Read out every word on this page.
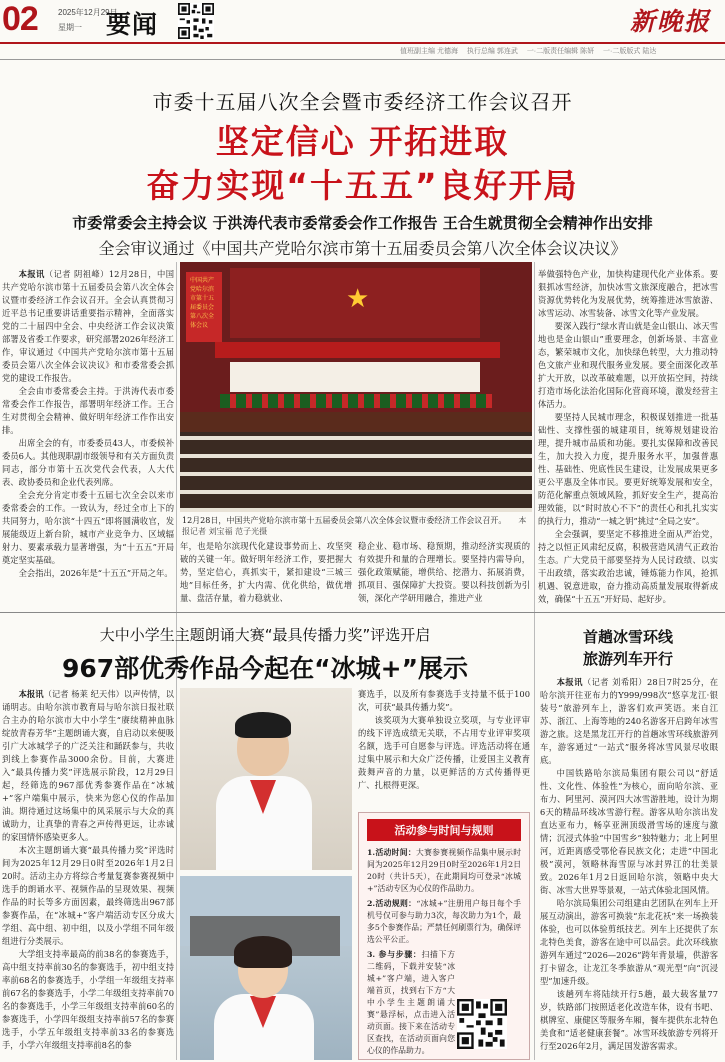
02	2025年12月29日
星期一 要闻	新晚报
值班副主编 尤德海 执行总编 郭连武 一·二版责任编辑 陈妍 一·二版版式 陆达
市委十五届八次全会暨市委经济工作会议召开
坚定信心 开拓进取
奋力实现“十五五”良好开局
市委常委会主持会议 于洪涛代表市委常委会作工作报告 王合生就贯彻全会精神作出安排
全会审议通过《中国共产党哈尔滨市第十五届委员会第八次全体会议决议》

本报讯（记者 阴祖峰）12月28日，中国共产党哈尔滨市第十五届委员会第八次全体会议暨市委经济工作会议召开。全会认真贯彻习近平总书记重要讲话重要指示精神，全面落实党的二十届四中全会、中央经济工作会议决策部署及省委工作要求，研究部署2026年经济工作，审议通过《中国共产党哈尔滨市第十五届委员会第八次全体会议决议》和市委常委会抓党的建设工作报告。

全会由市委常委会主持。于洪涛代表市委常委会作工作报告，部署明年经济工作。王合生对贯彻全会精神、做好明年经济工作作出安排。

出席全会的有，市委委员43人，市委候补委员6人。其他现职副市级领导和有关方面负责同志，部分市第十五次党代会代表，人大代表、政协委员和企业代表列席。

全会充分肯定市委十五届七次全会以来市委常委会的工作。一致认为，经过全市上下的共同努力，哈尔滨“十四五”即将圆满收官，发展能级迈上新台阶，城市产业竞争力、区域辐射力、要素承载力显著增强，为“十五五”开局奠定坚实基础。

全会指出，2026年是“十五五”开局之年。

中国共产党哈尔滨市第十五届委员会第八次全体会议
★
12月28日，中国共产党哈尔滨市第十五届委员会第八次全体会议暨市委经济工作会议召开。 本报记者 刘宝福 范子光摄

年，也是哈尔滨现代化建设事势而上、攻坚突破的关键一年。做好明年经济工作，要把握大势，坚定信心，真抓实干，紧扣建设“三城三地”目标任务，扩大内需、优化供给，做优增量、盘活存量，着力稳就业、

稳企业、稳市场、稳预期，推动经济实现质的有效提升和量的合理增长。要坚持内需导向，强化政策赋能，增供给、挖潜力、拓展消费，抓项目、强保障扩大投资。要以科技创新为引领，深化产学研用融合，推进产业

举做强特色产业，加快构建现代化产业体系。要狠抓冰雪经济，加快冰雪文旅深度融合，把冰雪资源优势转化为发展优势，统筹推进冰雪旅游、冰雪运动、冰雪装备、冰雪文化等产业发展。

要深入践行“绿水青山就是金山银山、冰天雪地也是金山银山”重要理念，创新场景、丰富业态，繁荣城市文化，加快绿色转型，大力推动特色文旅产业和现代服务业发展。要全面深化改革扩大开放，以改革破难题，以开放拓空间，持续打造市场化法治化国际化营商环境，激发经营主体活力。

要坚持人民城市理念，积极谋划推进一批基础性、支撑性强的城建项目，统筹规划建设治理，提升城市品质和功能。要扎实保障和改善民生，加大投入力度，提升服务水平，加强普惠性、基础性、兜底性民生建设，让发展成果更多更公平惠及全体市民。要更好统筹发展和安全，防范化解重点领域风险，抓好安全生产，提高治理效能，以“时时放心不下”的责任心和扎扎实实的执行力，推动“一城之钥”挑过“全局之安”。

全会强调，要坚定不移推进全面从严治党，持之以恒正风肃纪反腐，积极营造风清气正政治生态。广大党员干部要坚持为人民讨政绩、以实干出政绩，落实政治忠诚，锤炼能力作风，抢抓机遇、锐意进取，奋力推动高质量发展取得新成效，确保“十五五”开好局、起好步。

大中小学生主题朗诵大赛“最具传播力奖”评选开启
967部优秀作品今起在“冰城+”展示

本报讯（记者 杨莱 纪天伟）以声传情，以诵明志。由哈尔滨市教育局与哈尔滨日报社联合主办的哈尔滨市大中小学生“赓续精神血脉 绽放青春芳华”主题朗诵大赛，自启动以来便吸引广大冰城学子的广泛关注和踊跃参与，共收到线上参赛作品3000余份。目前，大赛进入“最具传播力奖”评选展示阶段，12月29日起，经筛选的967部优秀参赛作品在“冰城+”客户端集中展示，快来为您心仪的作品加油。期待通过这场集中的风采展示与大众的真诚助力，让真挚的青春之声传得更远，让赤诚的家国情怀感染更多人。

本次主题朗诵大赛“最具传播力奖”评选时间为2025年12月29日0时至2026年1月2日20时。活动主办方将综合考量复赛参赛视频中选手的朗诵水平、视频作品的呈现效果、视频作品的时长等多方面因素，最终筛选出967部参赛作品，在“冰城+”客户端活动专区分成大学组、高中组、初中组，以及小学组不同年级组进行分类展示。

大学组支持率最高的前38名的参赛选手，高中组支持率前30名的参赛选手，初中组支持率前68名的参赛选手，小学组一年级组支持率前67名的参赛选手，小学二年级组支持率前70名的参赛选手，小学三年级组支持率前60名的参赛选手，小学四年级组支持率前57名的参赛选手，小学五年级组支持率前33名的参赛选手，小学六年级组支持率前8名的参

赛选手，以及所有参赛选手支持量不低于100次，可获“最具传播力奖”。

该奖项为大赛单独设立奖项，与专业评审的线下评选成绩无关联，不占用专业评审奖项名额，选手可自愿参与评选。评选活动将在通过集中展示和大众广泛传播，让爱国主义教育鼓舞声音的力量，以更鲜活的方式传播得更广、扎根得更深。

活动参与时间与规则
1.活动时间：大赛参赛视频作品集中展示时间为2025年12月29日0时至2026年1月2日20时（共计5天），在此期间均可登录“冰城+”活动专区为心仪的作品助力。
2.活动规则：“冰城+”注册用户每日每个手机号仅可参与助力3次，每次助力为1个，最多5个参赛作品；严禁任何刷票行为，确保评选公平公正。
3. 参与步骤：扫描下方二维码，下载并安装“冰城+”客户端，进入客户端首页，找到右下方“大中小学生主题朗诵大赛”悬浮标，点击进入活动页面。接下来在活动专区查找，在活动页面向您心仪的作品助力。
首趟冰雪环线
旅游列车开行

本报讯（记者 刘希阳）28日7时25分，在哈尔滨开往亚布力的Y999/998次“悠享龙江·银装号”旅游列车上，游客们欢声笑语。来自江苏、浙江、上海等地的240名游客开启跨年冰雪游之旅。这是黑龙江开行的首趟冰雪环线旅游列车，游客通过“一站式”服务将冰雪风景尽收眼底。

中国铁路哈尔滨局集团有限公司以“舒适性、文化性、体验性”为核心，面向哈尔滨、亚布力、阿里河、漠河四大冰雪游胜地，设计为期6天的精品环线冰雪游行程。游客从哈尔滨出发直达亚布力，畅享亚洲顶级滑雪场的速度与激情；沉浸式体验“中国雪乡”独特魅力；北上阿里河，近距离感受鄂伦春民族文化；走进“中国北极”漠河，领略林海雪原与冰封界江的壮美景致。2026年1月2日返回哈尔滨，领略中央大街、冰雪大世界等景观，一站式体验北国风情。

哈尔滨局集团公司组建由艺团队在列车上开展互动演出，游客可换装“东北花袄”来一场换装体验，也可以体验剪纸技艺。列车上还提供了东北特色美食，游客在途中可以品尝。此次环线旅游列车通过“2026—2026”跨年背景墙，供游客打卡留念，让龙江冬季旅游从“观光型”向“沉浸型”加速升级。

该趟列车将陆续开行5趟，最大载客量77岁，铁路部门按照适老化改造车体，设有书吧、棋牌室、康健区等服务车厢，餐车提供东北特色美食和“适老健康套餐”。冰雪环线旅游专列将开行至2026年2月，满足国发游客需求。
